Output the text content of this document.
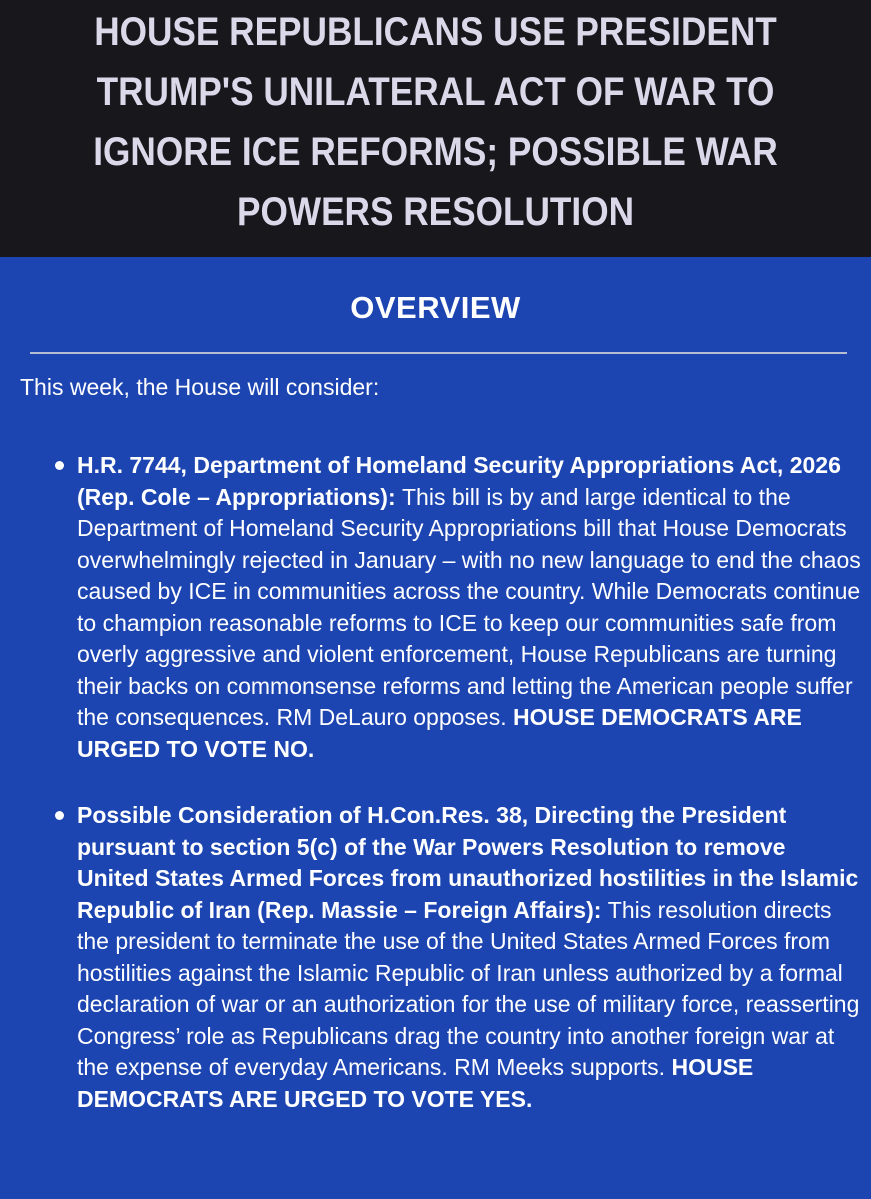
HOUSE REPUBLICANS USE PRESIDENT
TRUMP'S UNILATERAL ACT OF WAR TO
IGNORE ICE REFORMS; POSSIBLE WAR
POWERS RESOLUTION
OVERVIEW

This week, the House will consider:

H.R. 7744, Department of Homeland Security Appropriations Act, 2026 (Rep. Cole – Appropriations): This bill is by and large identical to the Department of Homeland Security Appropriations bill that House Democrats overwhelmingly rejected in January – with no new language to end the chaos caused by ICE in communities across the country. While Democrats continue to champion reasonable reforms to ICE to keep our communities safe from overly aggressive and violent enforcement, House Republicans are turning their backs on commonsense reforms and letting the American people suffer the consequences. RM DeLauro opposes. HOUSE DEMOCRATS ARE URGED TO VOTE NO.
Possible Consideration of H.Con.Res. 38, Directing the President pursuant to section 5(c) of the War Powers Resolution to remove United States Armed Forces from unauthorized hostilities in the Islamic Republic of Iran (Rep. Massie – Foreign Affairs): This resolution directs the president to terminate the use of the United States Armed Forces from hostilities against the Islamic Republic of Iran unless authorized by a formal declaration of war or an authorization for the use of military force, reasserting Congress’ role as Republicans drag the country into another foreign war at the expense of everyday Americans. RM Meeks supports. HOUSE DEMOCRATS ARE URGED TO VOTE YES.
